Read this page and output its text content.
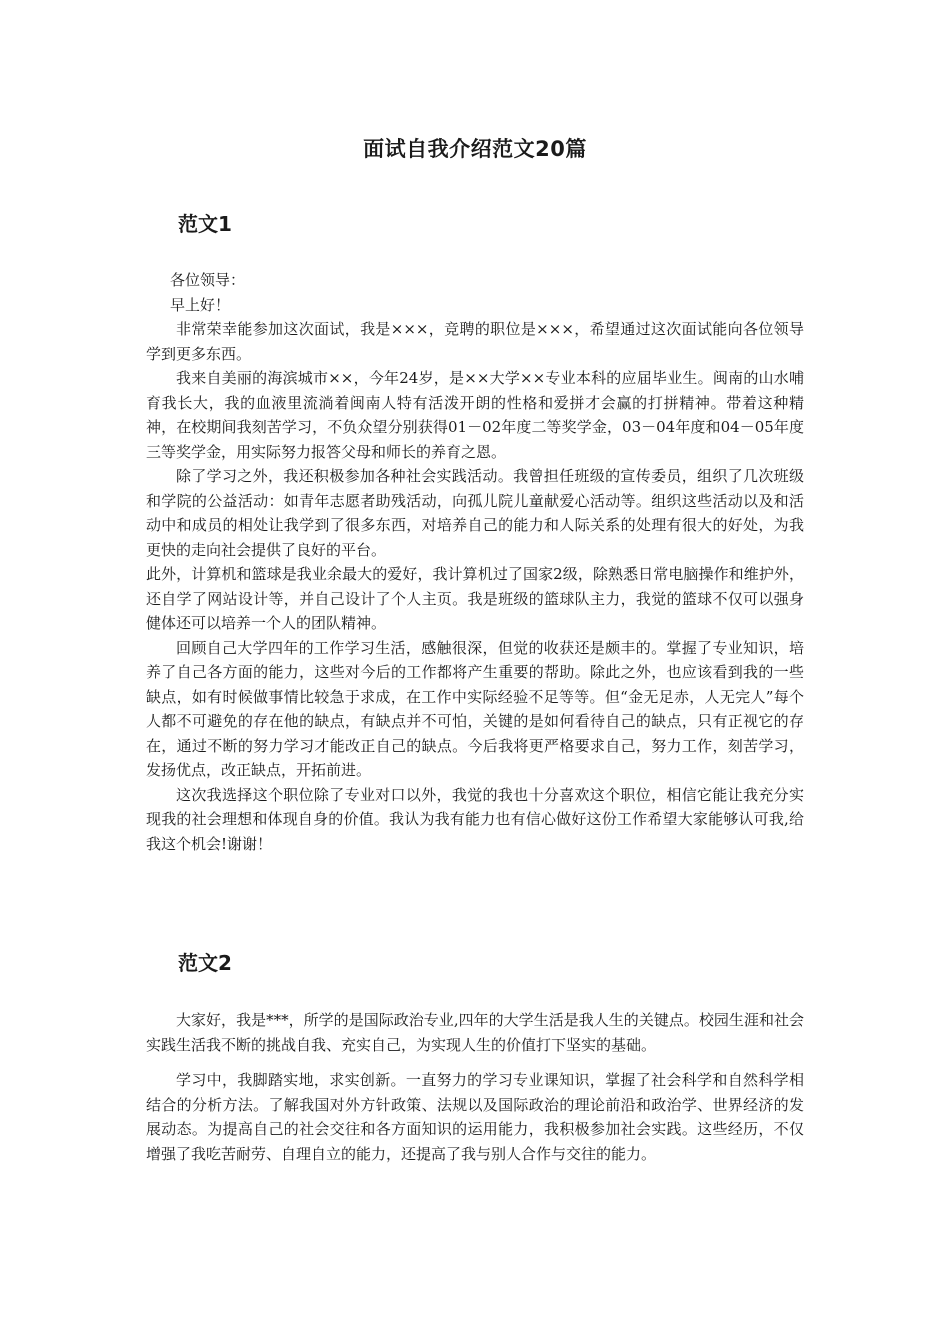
面试自我介绍范文20篇
范文1

各位领导：

早上好！

非常荣幸能参加这次面试，我是×××，竞聘的职位是×××，希望通过这次面试能向各位领导学到更多东西。

我来自美丽的海滨城市××，今年24岁，是××大学××专业本科的应届毕业生。闽南的山水哺育我长大，我的血液里流淌着闽南人特有活泼开朗的性格和爱拼才会赢的打拼精神。带着这种精神，在校期间我刻苦学习，不负众望分别获得01－02年度二等奖学金，03－04年度和04－05年度三等奖学金，用实际努力报答父母和师长的养育之恩。

除了学习之外，我还积极参加各种社会实践活动。我曾担任班级的宣传委员，组织了几次班级和学院的公益活动：如青年志愿者助残活动，向孤儿院儿童献爱心活动等。组织这些活动以及和活动中和成员的相处让我学到了很多东西，对培养自己的能力和人际关系的处理有很大的好处，为我更快的走向社会提供了良好的平台。

此外，计算机和篮球是我业余最大的爱好，我计算机过了国家2级，除熟悉日常电脑操作和维护外，还自学了网站设计等，并自己设计了个人主页。我是班级的篮球队主力，我觉的篮球不仅可以强身健体还可以培养一个人的团队精神。

回顾自己大学四年的工作学习生活，感触很深，但觉的收获还是颇丰的。掌握了专业知识，培养了自己各方面的能力，这些对今后的工作都将产生重要的帮助。除此之外，也应该看到我的一些缺点，如有时候做事情比较急于求成，在工作中实际经验不足等等。但“金无足赤，人无完人”每个人都不可避免的存在他的缺点，有缺点并不可怕，关键的是如何看待自己的缺点，只有正视它的存在，通过不断的努力学习才能改正自己的缺点。今后我将更严格要求自己，努力工作，刻苦学习，发扬优点，改正缺点，开拓前进。

这次我选择这个职位除了专业对口以外，我觉的我也十分喜欢这个职位，相信它能让我充分实现我的社会理想和体现自身的价值。我认为我有能力也有信心做好这份工作希望大家能够认可我,给我这个机会!谢谢！

范文2

大家好，我是***，所学的是国际政治专业,四年的大学生活是我人生的关键点。校园生涯和社会实践生活我不断的挑战自我、充实自己，为实现人生的价值打下坚实的基础。

学习中，我脚踏实地，求实创新。一直努力的学习专业课知识，掌握了社会科学和自然科学相结合的分析方法。了解我国对外方针政策、法规以及国际政治的理论前沿和政治学、世界经济的发展动态。为提高自己的社会交往和各方面知识的运用能力，我积极参加社会实践。这些经历，不仅增强了我吃苦耐劳、自理自立的能力，还提高了我与别人合作与交往的能力。
